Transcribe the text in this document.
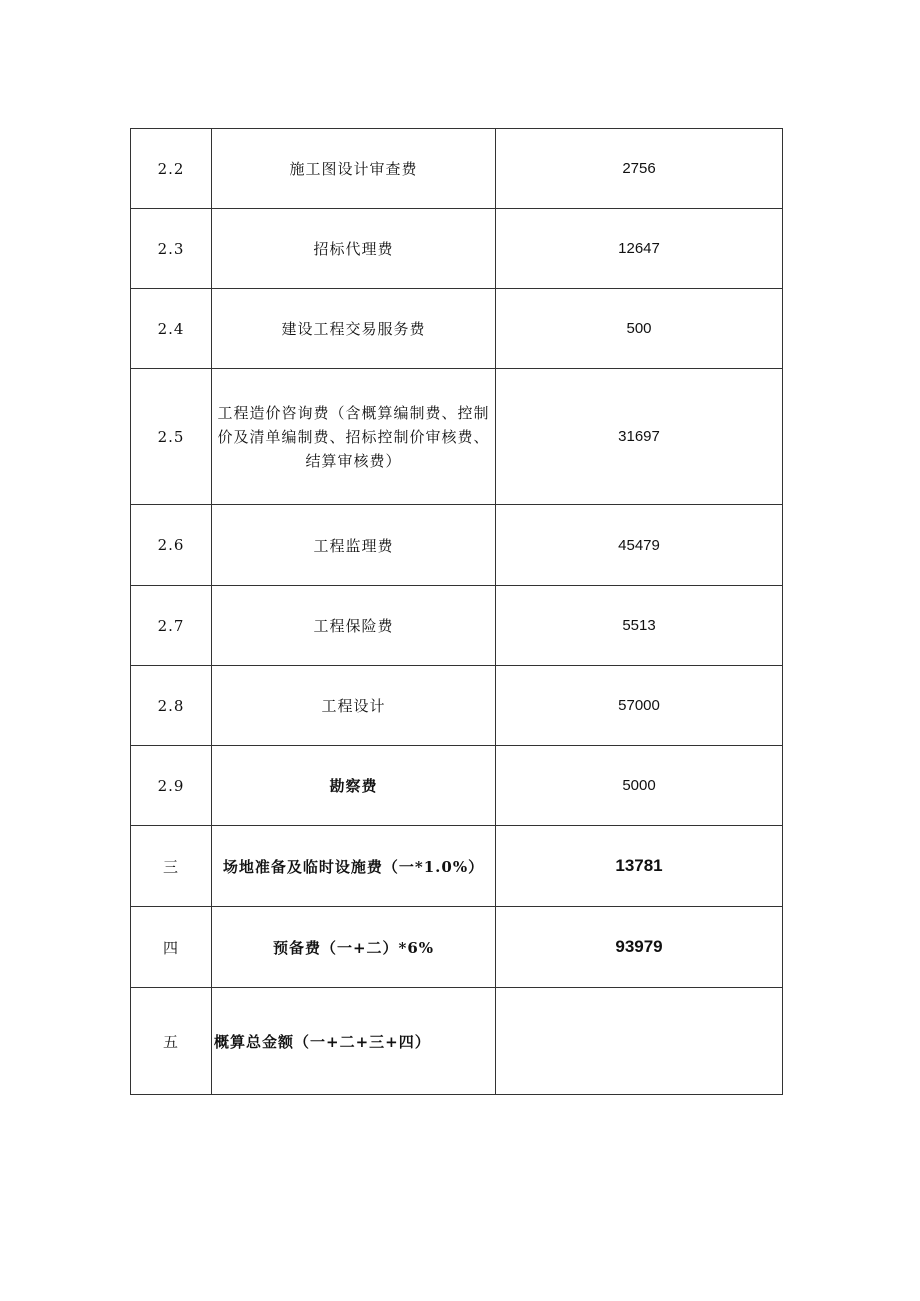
2.2	施工图设计审查费	2756
2.3	招标代理费	12647
2.4	建设工程交易服务费	500
2.5	工程造价咨询费（含概算编制费、控制价及清单编制费、招标控制价审核费、结算审核费）	31697
2.6	工程监理费	45479
2.7	工程保险费	5513
2.8	工程设计	57000
2.9	勘察费	5000
三	场地准备及临时设施费（一*1.0%）	13781
四	预备费（一+二）*6%	93979
五	概算总金额（一+二+三+四）	
